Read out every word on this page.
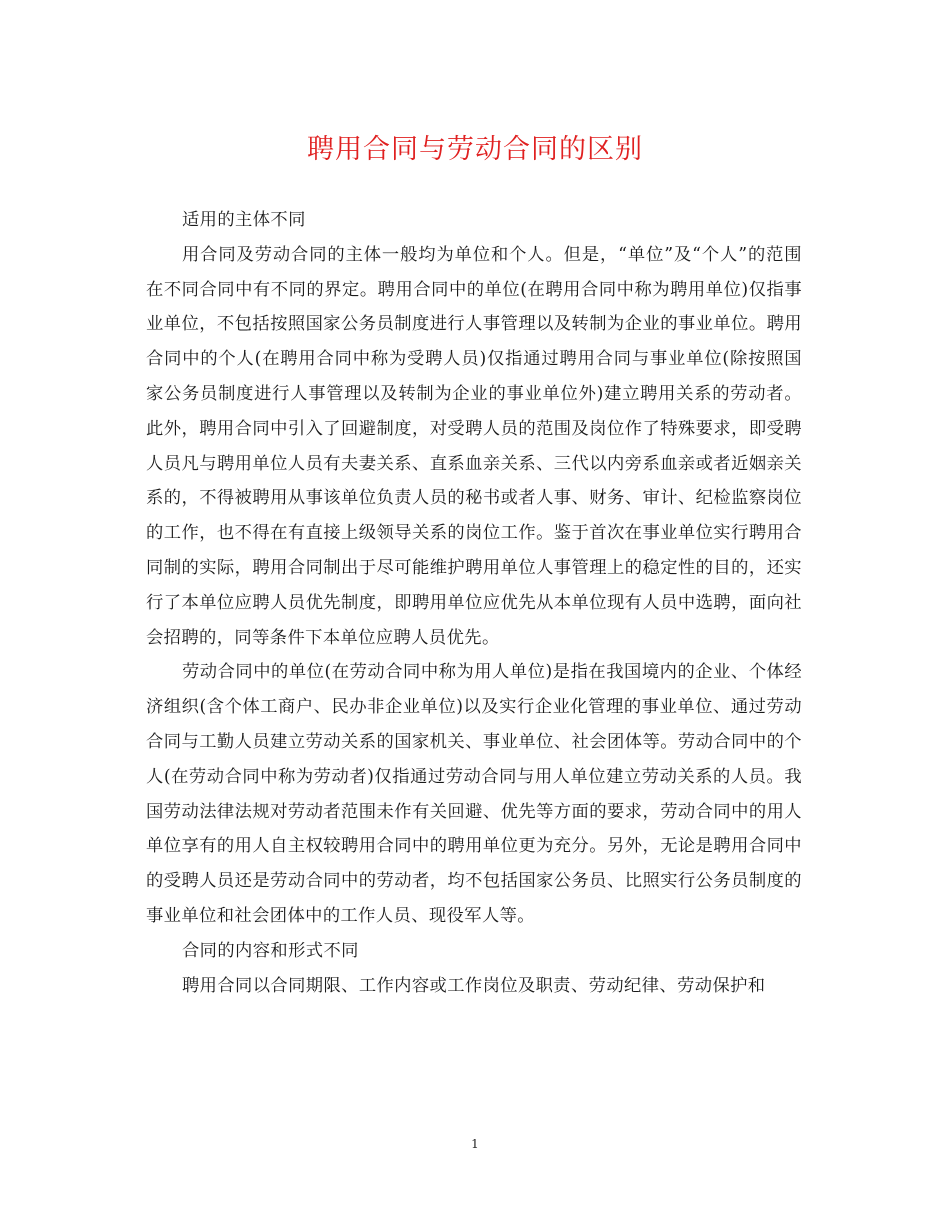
聘用合同与劳动合同的区别

适用的主体不同

用合同及劳动合同的主体一般均为单位和个人。但是，“单位”及“个人”的范围在不同合同中有不同的界定。聘用合同中的单位(在聘用合同中称为聘用单位)仅指事业单位，不包括按照国家公务员制度进行人事管理以及转制为企业的事业单位。聘用合同中的个人(在聘用合同中称为受聘人员)仅指通过聘用合同与事业单位(除按照国家公务员制度进行人事管理以及转制为企业的事业单位外)建立聘用关系的劳动者。此外，聘用合同中引入了回避制度，对受聘人员的范围及岗位作了特殊要求，即受聘人员凡与聘用单位人员有夫妻关系、直系血亲关系、三代以内旁系血亲或者近姻亲关系的，不得被聘用从事该单位负责人员的秘书或者人事、财务、审计、纪检监察岗位的工作，也不得在有直接上级领导关系的岗位工作。鉴于首次在事业单位实行聘用合同制的实际，聘用合同制出于尽可能维护聘用单位人事管理上的稳定性的目的，还实行了本单位应聘人员优先制度，即聘用单位应优先从本单位现有人员中选聘，面向社会招聘的，同等条件下本单位应聘人员优先。

劳动合同中的单位(在劳动合同中称为用人单位)是指在我国境内的企业、个体经济组织(含个体工商户、民办非企业单位)以及实行企业化管理的事业单位、通过劳动合同与工勤人员建立劳动关系的国家机关、事业单位、社会团体等。劳动合同中的个人(在劳动合同中称为劳动者)仅指通过劳动合同与用人单位建立劳动关系的人员。我国劳动法律法规对劳动者范围未作有关回避、优先等方面的要求，劳动合同中的用人单位享有的用人自主权较聘用合同中的聘用单位更为充分。另外，无论是聘用合同中的受聘人员还是劳动合同中的劳动者，均不包括国家公务员、比照实行公务员制度的事业单位和社会团体中的工作人员、现役军人等。

合同的内容和形式不同

聘用合同以合同期限、工作内容或工作岗位及职责、劳动纪律、劳动保护和

1
